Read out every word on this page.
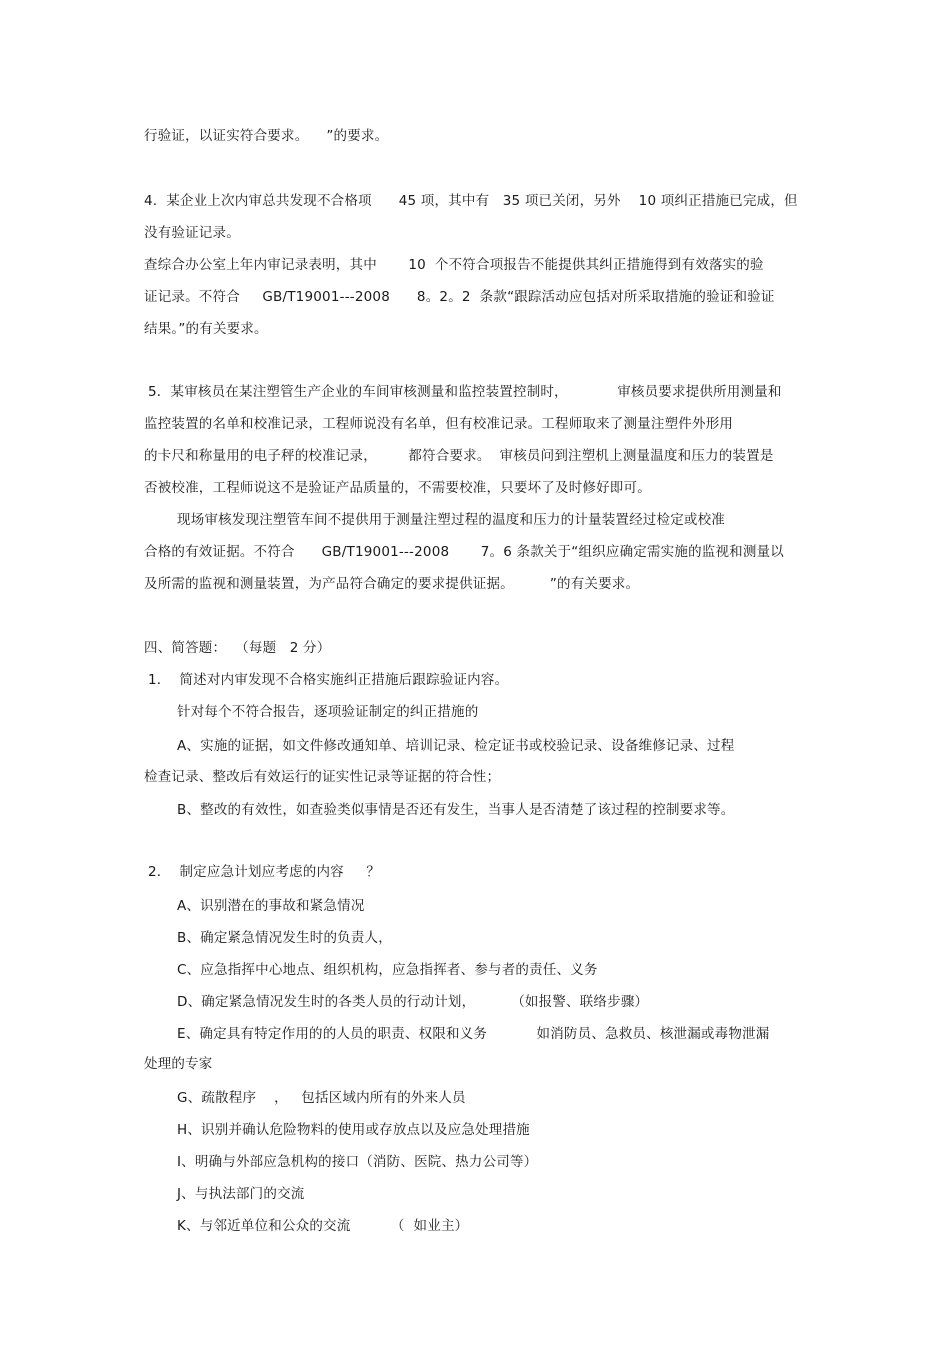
行验证，以证实符合要求。    ”的要求。
4.  某企业上次内审总共发现不合格项      45 项，其中有   35 项已关闭，另外    10 项纠正措施已完成，但
没有验证记录。
查综合办公室上年内审记录表明，其中       10  个不符合项报告不能提供其纠正措施得到有效落实的验
证记录。不符合     GB/T19001---2008      8。2。2  条款“跟踪活动应包括对所采取措施的验证和验证
结果。”的有关要求。
5．某审核员在某注塑管生产企业的车间审核测量和监控装置控制时，           审核员要求提供所用测量和
监控装置的名单和校准记录，工程师说没有名单，但有校准记录。工程师取来了测量注塑件外形用
的卡尺和称量用的电子秤的校准记录，       都符合要求。  审核员问到注塑机上测量温度和压力的装置是
否被校准，工程师说这不是验证产品质量的，不需要校准，只要坏了及时修好即可。
现场审核发现注塑管车间不提供用于测量注塑过程的温度和压力的计量装置经过检定或校准
合格的有效证据。不符合      GB/T19001---2008       7。6 条款关于“组织应确定需实施的监视和测量以
及所需的监视和测量装置，为产品符合确定的要求提供证据。        ”的有关要求。
四、简答题：  （每题   2 分）
1．  简述对内审发现不合格实施纠正措施后跟踪验证内容。
针对每个不符合报告，逐项验证制定的纠正措施的
A、实施的证据，如文件修改通知单、培训记录、检定证书或校验记录、设备维修记录、过程
检查记录、整改后有效运行的证实性记录等证据的符合性；
B、整改的有效性，如查验类似事情是否还有发生，当事人是否清楚了该过程的控制要求等。
2．  制定应急计划应考虑的内容     ？
A、识别潜在的事故和紧急情况
B、确定紧急情况发生时的负责人，
C、应急指挥中心地点、组织机构，应急指挥者、参与者的责任、义务
D、确定紧急情况发生时的各类人员的行动计划，        （如报警、联络步骤）
E、确定具有特定作用的的人员的职责、权限和义务           如消防员、急救员、核泄漏或毒物泄漏
处理的专家
G、疏散程序    ，   包括区域内所有的外来人员
H、识别并确认危险物料的使用或存放点以及应急处理措施
I、明确与外部应急机构的接口（消防、医院、热力公司等）
J、与执法部门的交流
K、与邻近单位和公众的交流         （  如业主）
